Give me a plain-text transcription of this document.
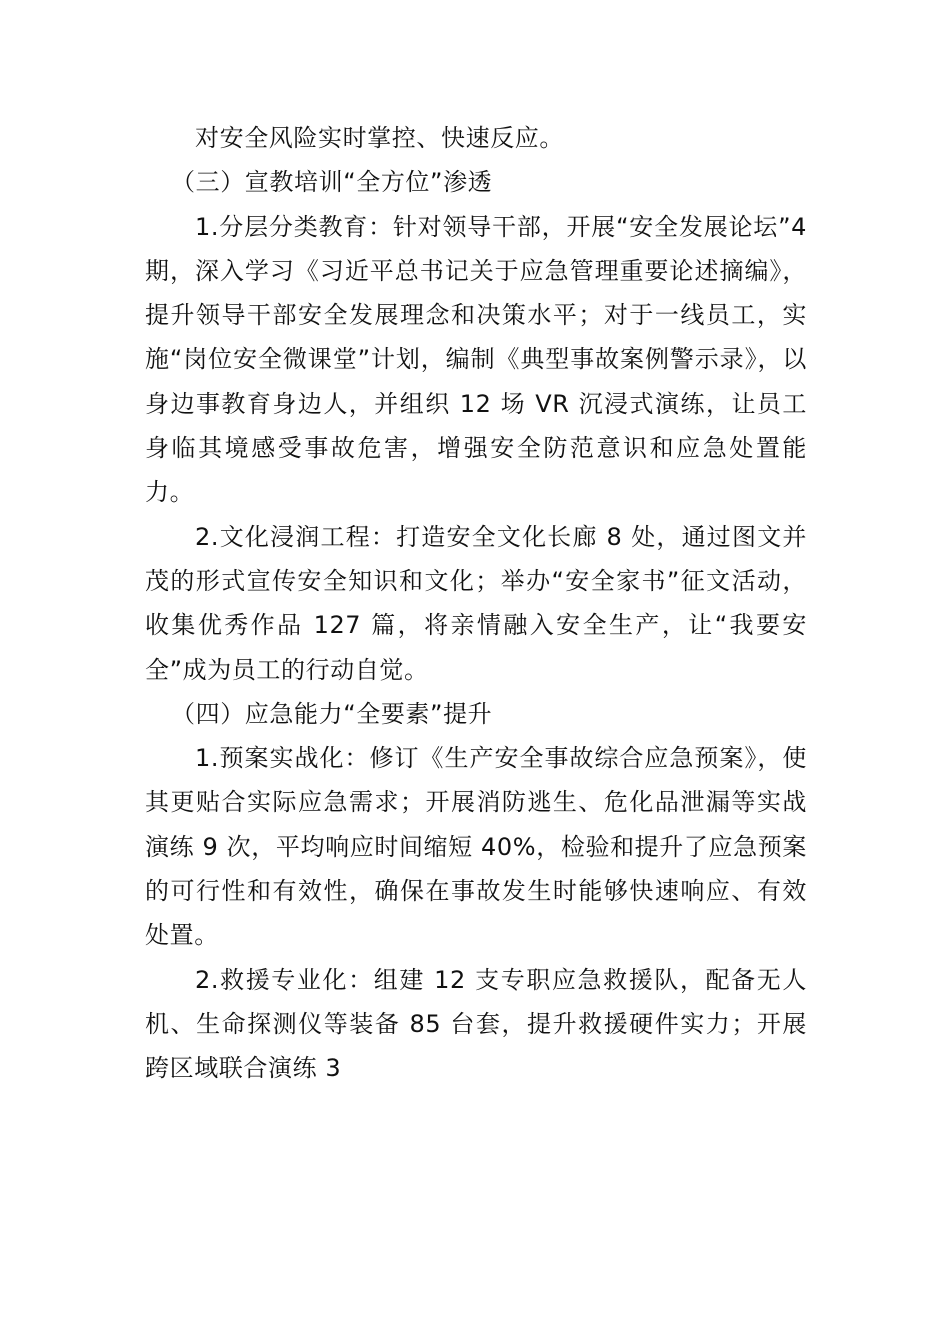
对安全风险实时掌控、快速反应。

（三）宣教培训“全方位”渗透

1.分层分类教育：针对领导干部，开展“安全发展论坛”4 期，深入学习《习近平总书记关于应急管理重要论述摘编》，提升领导干部安全发展理念和决策水平；对于一线员工，实施“岗位安全微课堂”计划，编制《典型事故案例警示录》，以身边事教育身边人，并组织 12 场 VR 沉浸式演练，让员工身临其境感受事故危害，增强安全防范意识和应急处置能力。

2.文化浸润工程：打造安全文化长廊 8 处，通过图文并茂的形式宣传安全知识和文化；举办“安全家书”征文活动，收集优秀作品 127 篇，将亲情融入安全生产，让“我要安全”成为员工的行动自觉。

（四）应急能力“全要素”提升

1.预案实战化：修订《生产安全事故综合应急预案》，使其更贴合实际应急需求；开展消防逃生、危化品泄漏等实战演练 9 次，平均响应时间缩短 40%，检验和提升了应急预案的可行性和有效性，确保在事故发生时能够快速响应、有效处置。

2.救援专业化：组建 12 支专职应急救援队，配备无人机、生命探测仪等装备 85 台套，提升救援硬件实力；开展跨区域联合演练 3
